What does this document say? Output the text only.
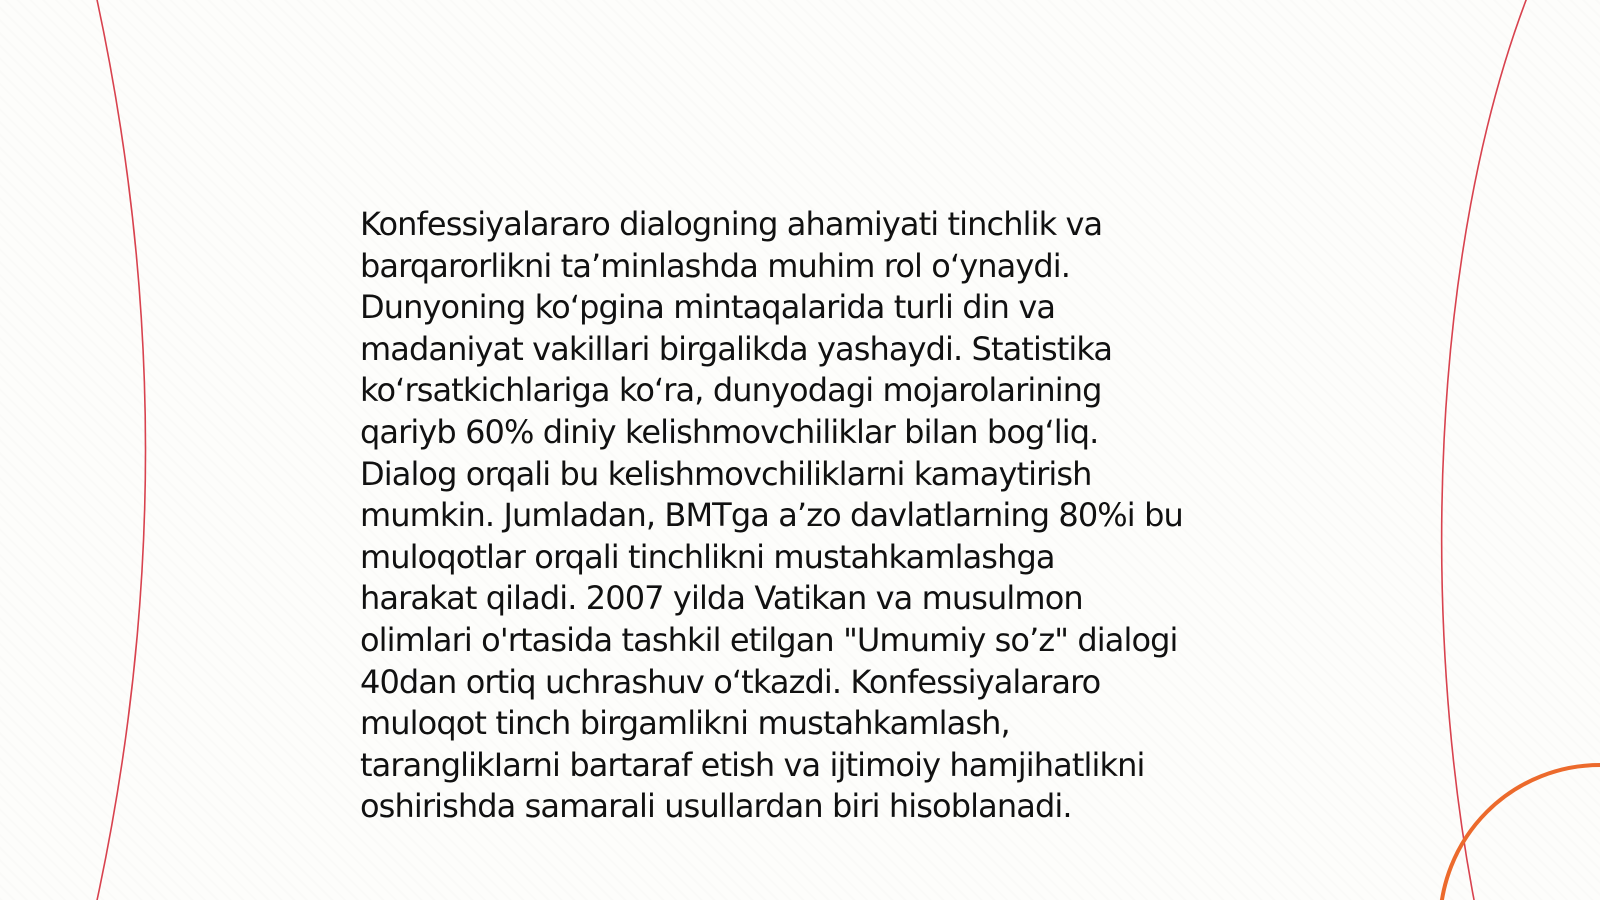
Konfessiyalararo dialogning ahamiyati tinchlik va
barqarorlikni ta’minlashda muhim rol o‘ynaydi.
Dunyoning ko‘pgina mintaqalarida turli din va
madaniyat vakillari birgalikda yashaydi. Statistika
ko‘rsatkichlariga ko‘ra, dunyodagi mojarolarining
qariyb 60% diniy kelishmovchiliklar bilan bog‘liq.
Dialog orqali bu kelishmovchiliklarni kamaytirish
mumkin. Jumladan, BMTga a’zo davlatlarning 80%i bu
muloqotlar orqali tinchlikni mustahkamlashga
harakat qiladi. 2007 yilda Vatikan va musulmon
olimlari o'rtasida tashkil etilgan "Umumiy so’z" dialogi
40dan ortiq uchrashuv o‘tkazdi. Konfessiyalararo
muloqot tinch birgamlikni mustahkamlash,
taranglikIarni bartaraf etish va ijtimoiy hamjihatlikni
oshirishda samarali usullardan biri hisoblanadi.
